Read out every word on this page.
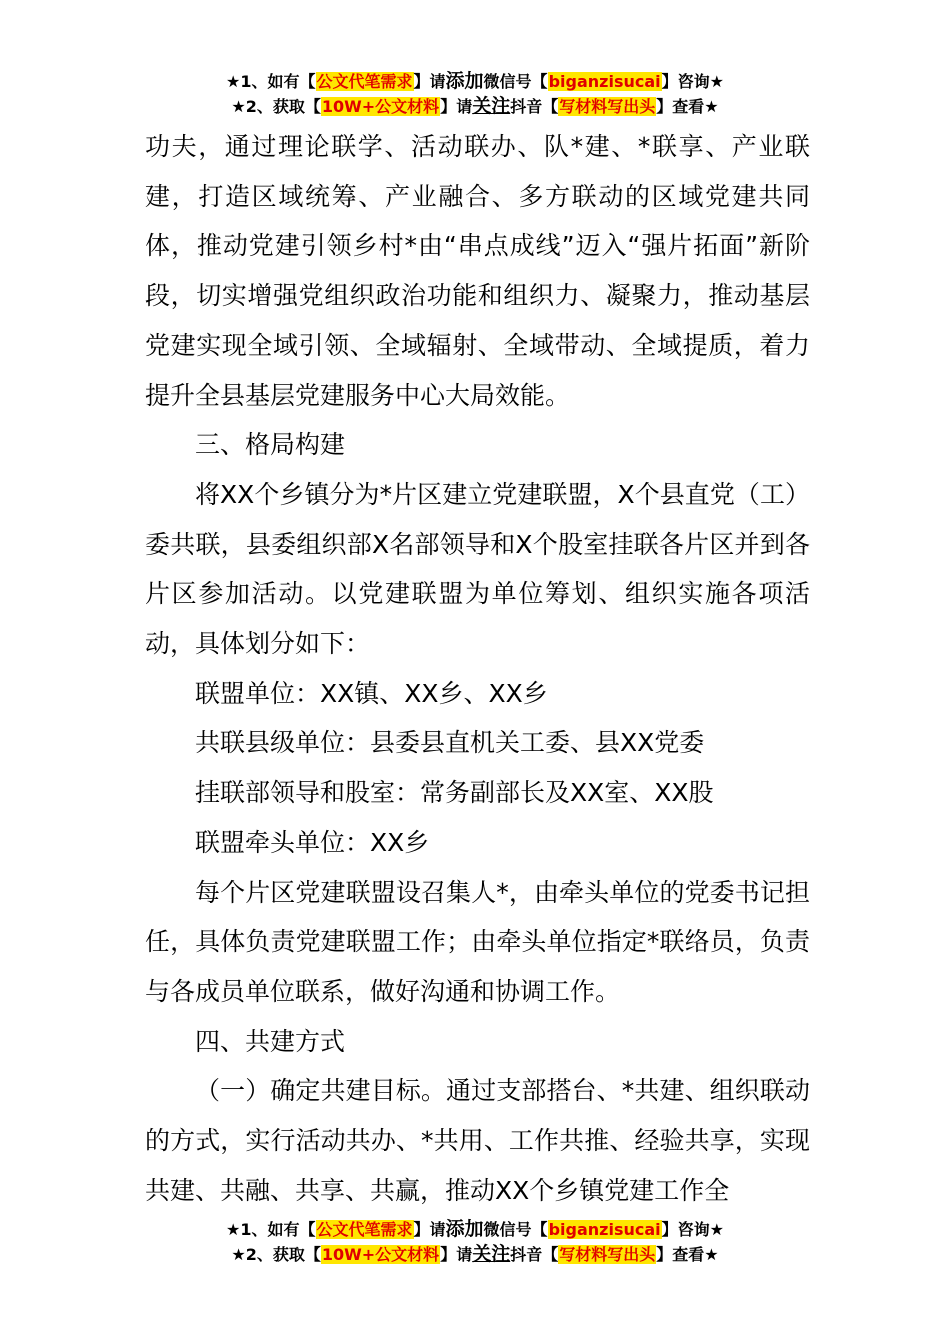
★1、如有【公文代笔需求】请添加微信号【biganzisucai】咨询★
★2、获取【10W+公文材料】请关注抖音【写材料写出头】查看★

功夫，通过理论联学、活动联办、队*建、*联享、产业联建，打造区域统筹、产业融合、多方联动的区域党建共同体，推动党建引领乡村*由“串点成线”迈入“强片拓面”新阶段，切实增强党组织政治功能和组织力、凝聚力，推动基层党建实现全域引领、全域辐射、全域带动、全域提质，着力提升全县基层党建服务中心大局效能。

三、格局构建

将XX个乡镇分为*片区建立党建联盟，X个县直党（工）委共联，县委组织部X名部领导和X个股室挂联各片区并到各片区参加活动。以党建联盟为单位筹划、组织实施各项活动，具体划分如下：

联盟单位：XX镇、XX乡、XX乡

共联县级单位：县委县直机关工委、县XX党委

挂联部领导和股室：常务副部长及XX室、XX股

联盟牵头单位：XX乡

每个片区党建联盟设召集人*，由牵头单位的党委书记担任，具体负责党建联盟工作；由牵头单位指定*联络员，负责与各成员单位联系，做好沟通和协调工作。

四、共建方式

（一）确定共建目标。通过支部搭台、*共建、组织联动的方式，实行活动共办、*共用、工作共推、经验共享，实现共建、共融、共享、共赢，推动XX个乡镇党建工作全

★1、如有【公文代笔需求】请添加微信号【biganzisucai】咨询★
★2、获取【10W+公文材料】请关注抖音【写材料写出头】查看★
